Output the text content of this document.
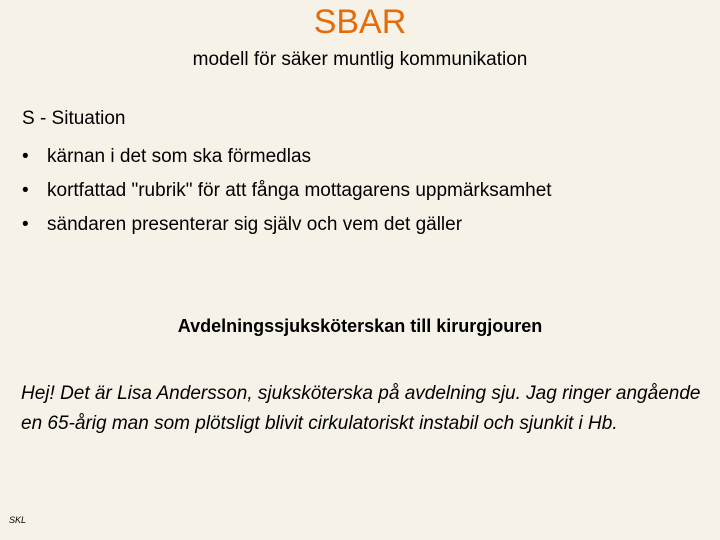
SBAR
modell för säker muntlig kommunikation
S - Situation
• kärnan i det som ska förmedlas
• kortfattad "rubrik" för att fånga mottagarens uppmärksamhet
• sändaren presenterar sig själv och vem det gäller
Avdelningssjuksköterskan till kirurgjouren
Hej! Det är Lisa Andersson, sjuksköterska på avdelning sju. Jag ringer angående en 65-årig man som plötsligt blivit cirkulatoriskt instabil och sjunkit i Hb.
SKL
